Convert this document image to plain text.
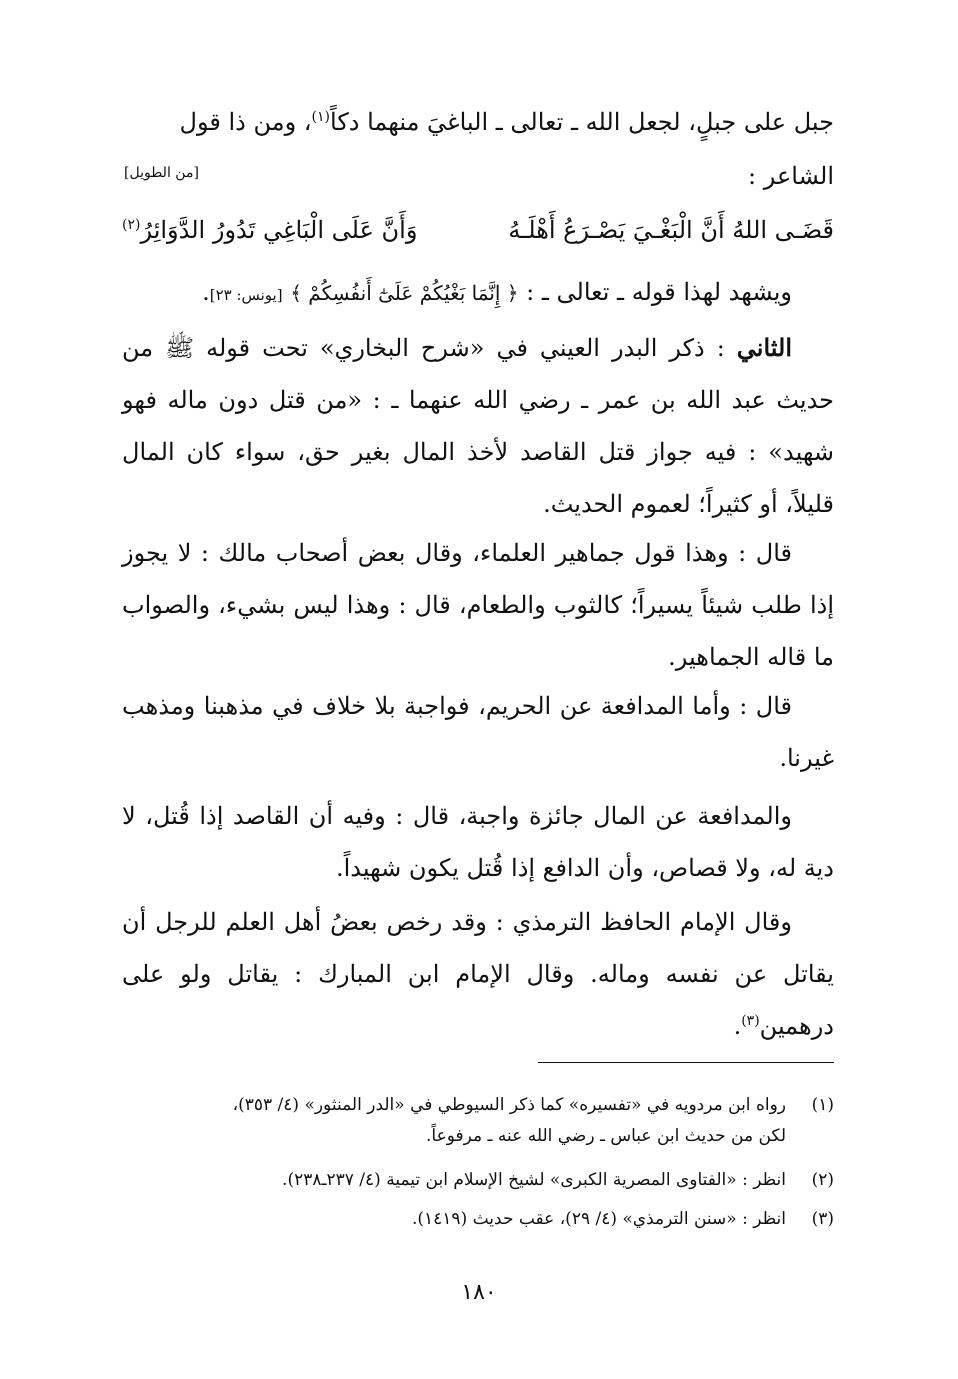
جبل على جبلٍ، لجعل الله ـ تعالى ـ الباغيَ منهما دكاً$^{(١)}$، ومن ذا قول
الشاعر :
[من الطويل]
قَضَـى اللهُ أَنَّ الْبَغْـيَ يَصْـرَعُ أَهْلَـهُ
وَأَنَّ عَلَى الْبَاغِي تَدُورُ الدَّوَائِرُ$^{(٢)}$
ويشهد لهذا قوله ـ تعالى ـ : ﴿ إِنَّمَا بَغْيُكُمْ عَلَىٰٓ أَنفُسِكُمْ ﴾ [يونس: ٢٣].

الثاني : ذكر البدر العيني في «شرح البخاري» تحت قوله ﷺ من حديث عبد الله بن عمر ـ رضي الله عنهما ـ : «من قتل دون ماله فهو شهيد» : فيه جواز قتل القاصد لأخذ المال بغير حق، سواء كان المال قليلاً، أو كثيراً؛ لعموم الحديث.

قال : وهذا قول جماهير العلماء، وقال بعض أصحاب مالك : لا يجوز إذا طلب شيئاً يسيراً؛ كالثوب والطعام، قال : وهذا ليس بشيء، والصواب ما قاله الجماهير.

قال : وأما المدافعة عن الحريم، فواجبة بلا خلاف في مذهبنا ومذهب غيرنا.

والمدافعة عن المال جائزة واجبة، قال : وفيه أن القاصد إذا قُتل، لا دية له، ولا قصاص، وأن الدافع إذا قُتل يكون شهيداً.

وقال الإمام الحافظ الترمذي : وقد رخص بعضُ أهل العلم للرجل أن يقاتل عن نفسه وماله. وقال الإمام ابن المبارك : يقاتل ولو على درهمين$^{(٣)}$.

(١)رواه ابن مردويه في «تفسيره» كما ذكر السيوطي في «الدر المنثور» (٤/ ٣٥٣)،
لكن من حديث ابن عباس ـ رضي الله عنه ـ مرفوعاً.
(٢)انظر : «الفتاوى المصرية الكبرى» لشيخ الإسلام ابن تيمية (٤/ ٢٣٧ـ٢٣٨).
(٣)انظر : «سنن الترمذي» (٤/ ٢٩)، عقب حديث (١٤١٩).
١٨٠
